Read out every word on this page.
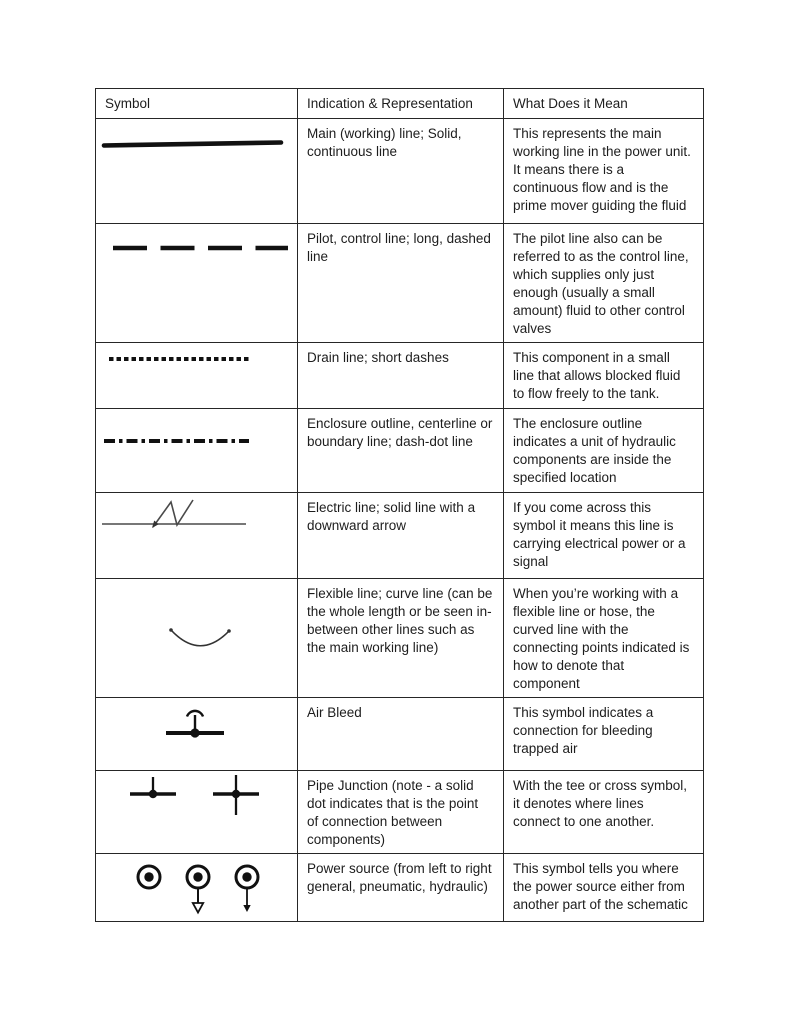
Symbol	Indication & Representation	What Does it Mean

	Main (working) line; Solid, continuous line	This represents the main working line in the power unit. It means there is a continuous flow and is the prime mover guiding the fluid

	Pilot, control line; long, dashed line	The pilot line also can be referred to as the control line, which supplies only just enough (usually a small amount) fluid to other control valves

	Drain line; short dashes	This component in a small line that allows blocked fluid to flow freely to the tank.

	Enclosure outline, centerline or boundary line; dash-dot line	The enclosure outline indicates a unit of hydraulic components are inside the specified location

	Electric line; solid line with a downward arrow	If you come across this symbol it means this line is carrying electrical power or a signal

	Flexible line; curve line (can be the whole length or be seen in-between other lines such as the main working line)	When you’re working with a flexible line or hose, the curved line with the connecting points indicated is how to denote that component

	Air Bleed	This symbol indicates a connection for bleeding trapped air

	Pipe Junction (note - a solid dot indicates that is the point of connection between components)	With the tee or cross symbol, it denotes where lines connect to one another.

	Power source (from left to right general, pneumatic, hydraulic)	This symbol tells you where the power source either from another part of the schematic
